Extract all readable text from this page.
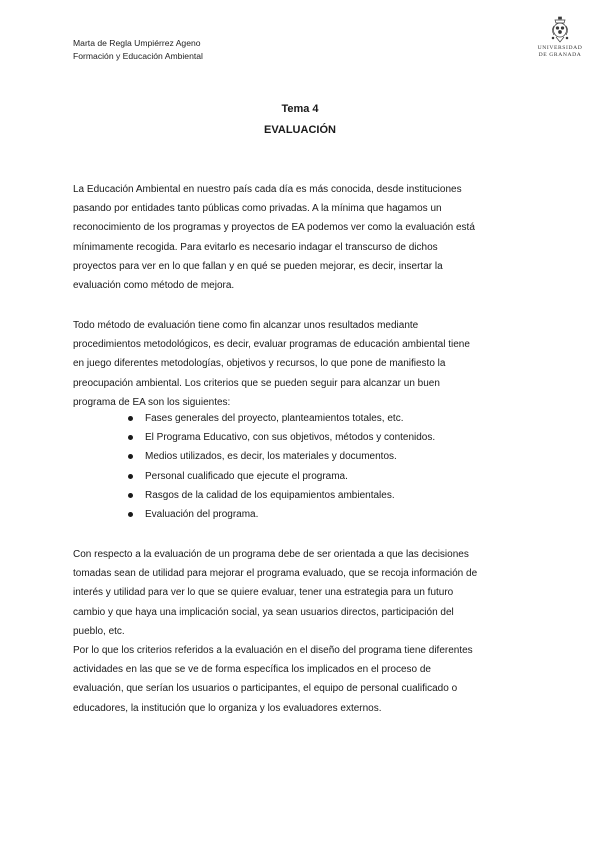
Marta de Regla Umpiérrez Ageno
Formación y Educación Ambiental
UNIVERSIDAD
DE GRANADA
Tema 4
EVALUACIÓN
La Educación Ambiental en nuestro país cada día es más conocida, desde instituciones
pasando por entidades tanto públicas como privadas. A la mínima que hagamos un
reconocimiento de los programas y proyectos de EA podemos ver como la evaluación está
mínimamente recogida. Para evitarlo es necesario indagar el transcurso de dichos
proyectos para ver en lo que fallan y en qué se pueden mejorar, es decir, insertar la
evaluación como método de mejora.
Todo método de evaluación tiene como fin alcanzar unos resultados mediante
procedimientos metodológicos, es decir, evaluar programas de educación ambiental tiene
en juego diferentes metodologías, objetivos y recursos, lo que pone de manifiesto la
preocupación ambiental. Los criterios que se pueden seguir para alcanzar un buen
programa de EA son los siguientes:
Fases generales del proyecto, planteamientos totales, etc.
El Programa Educativo, con sus objetivos, métodos y contenidos.
Medios utilizados, es decir, los materiales y documentos.
Personal cualificado que ejecute el programa.
Rasgos de la calidad de los equipamientos ambientales.
Evaluación del programa.
Con respecto a la evaluación de un programa debe de ser orientada a que las decisiones
tomadas sean de utilidad para mejorar el programa evaluado, que se recoja información de
interés y utilidad para ver lo que se quiere evaluar, tener una estrategia para un futuro
cambio y que haya una implicación social, ya sean usuarios directos, participación del
pueblo, etc.
Por lo que los criterios referidos a la evaluación en el diseño del programa tiene diferentes
actividades en las que se ve de forma específica los implicados en el proceso de
evaluación, que serían los usuarios o participantes, el equipo de personal cualificado o
educadores, la institución que lo organiza y los evaluadores externos.
